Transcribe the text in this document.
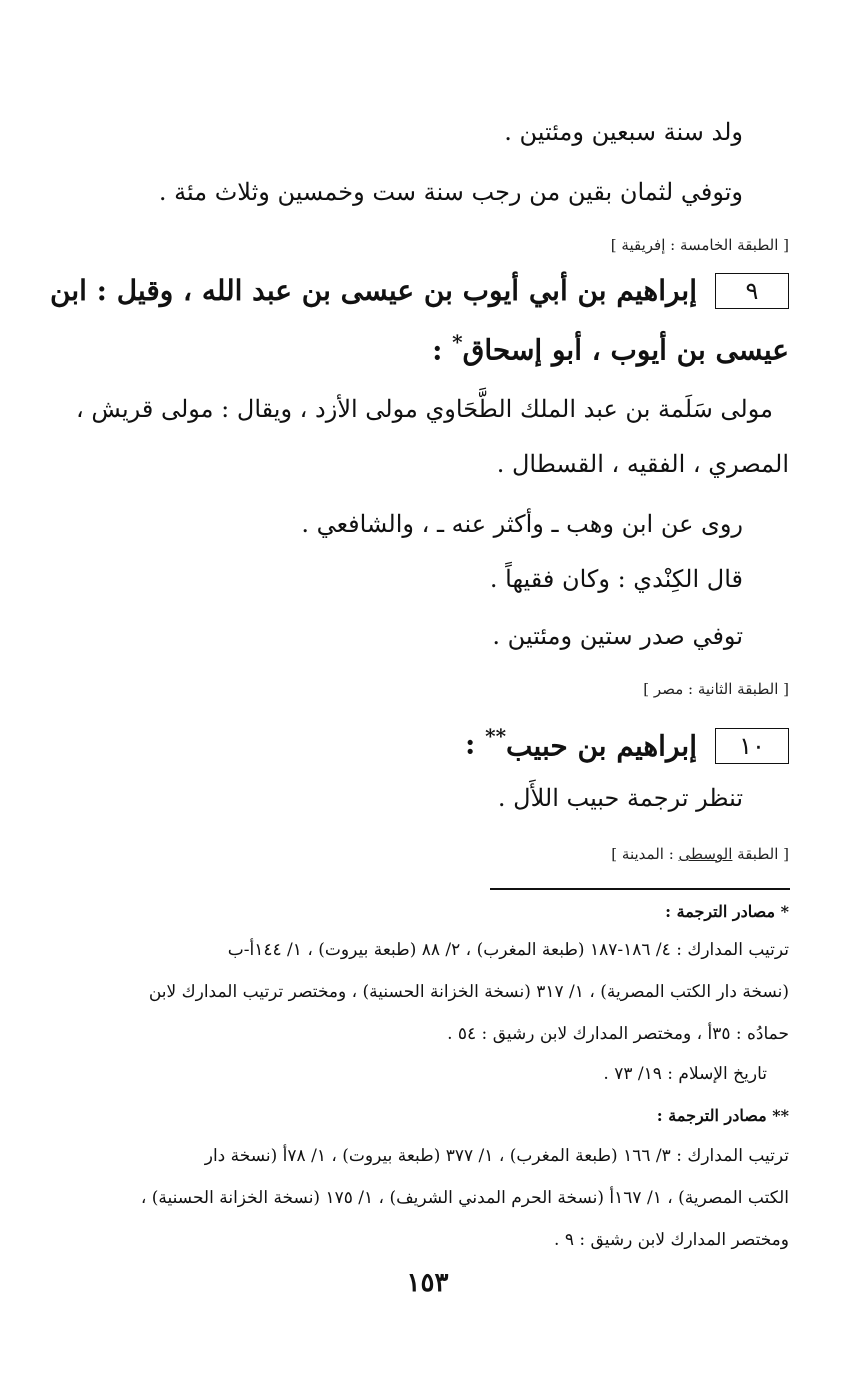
ولد سنة سبعين ومئتين .
وتوفي لثمان بقين من رجب سنة ست وخمسين وثلاث مئة .
[ الطبقة الخامسة : إفريقية ]
٩إبراهيم بن أبي أيوب بن عيسى بن عبد الله ، وقيل : ابن
عيسى بن أيوب ، أبو إسحاق* :
مولى سَلَمة بن عبد الملك الطَّحَاوي مولى الأزد ، ويقال : مولى قريش ،
المصري ، الفقيه ، القسطال .
روى عن ابن وهب ـ وأكثر عنه ـ ، والشافعي .
قال الكِنْدي : وكان فقيهاً .
توفي صدر ستين ومئتين .
[ الطبقة الثانية : مصر ]
١٠إبراهيم بن حبيب** :
تنظر ترجمة حبيب اللأَل .
[ الطبقة الوسطى : المدينة ]
* مصادر الترجمة :
ترتيب المدارك : ٤/ ١٨٦-١٨٧ (طبعة المغرب) ، ٢/ ٨٨ (طبعة بيروت) ، ١/ ١٤٤أ-ب
(نسخة دار الكتب المصرية) ، ١/ ٣١٧ (نسخة الخزانة الحسنية) ، ومختصر ترتيب المدارك لابن
حمادُه : ٣٥أ ، ومختصر المدارك لابن رشيق : ٥٤ .
تاريخ الإسلام : ١٩/ ٧٣ .
** مصادر الترجمة :
ترتيب المدارك : ٣/ ١٦٦ (طبعة المغرب) ، ١/ ٣٧٧ (طبعة بيروت) ، ١/ ٧٨أ (نسخة دار
الكتب المصرية) ، ١/ ١٦٧أ (نسخة الحرم المدني الشريف) ، ١/ ١٧٥ (نسخة الخزانة الحسنية) ،
ومختصر المدارك لابن رشيق : ٩ .
١٥٣
